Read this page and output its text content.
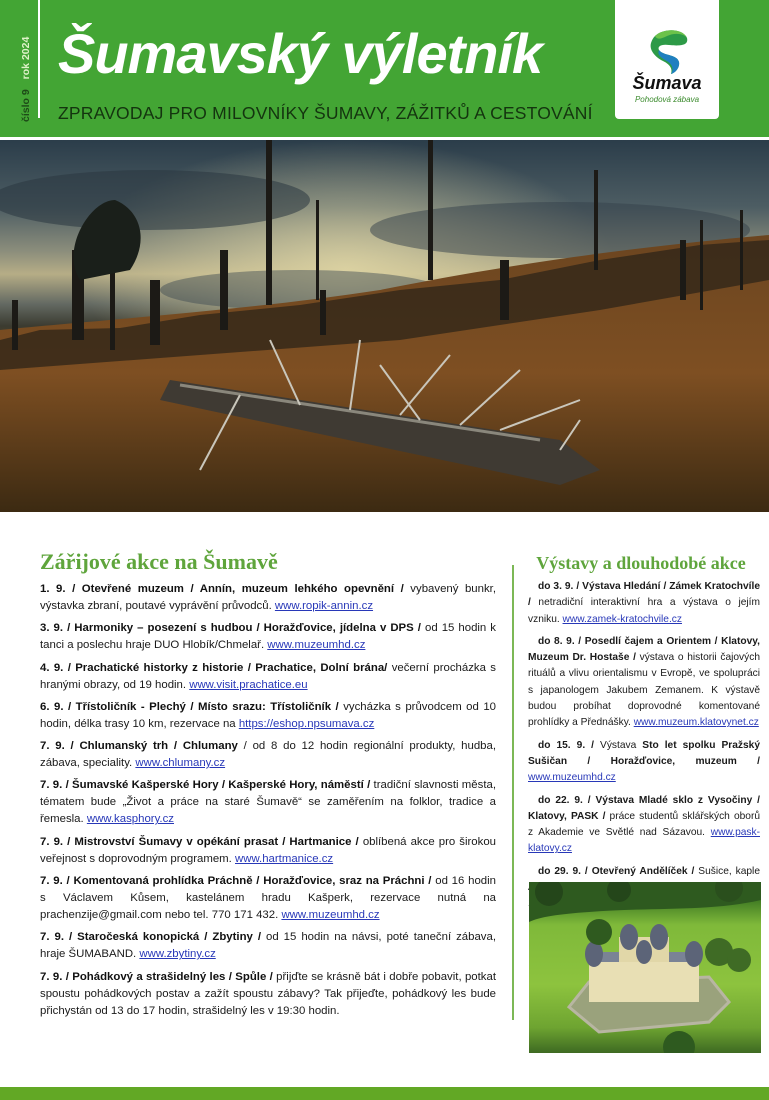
číslo 9
rok 2024 Šumavský výletník
ZPRAVODAJ PRO MILOVNÍKY ŠUMAVY, ZÁŽITKŮ A CESTOVÁNÍ
Šumava
Pohodová zábava
Zářijové akce na Šumavě

1. 9. / Otevřené muzeum / Annín, muzeum lehkého opevnění / vybavený bunkr, výstavka zbraní, poutavé vyprávění průvodců. www.ropik-annin.cz

3. 9. / Harmoniky – posezení s hudbou / Horažďovice, jídelna v DPS / od 15 hodin k tanci a poslechu hraje DUO Hlobík/Chmelař. www.muzeumhd.cz

4. 9. / Prachatické historky z historie / Prachatice, Dolní brána/ večerní procházka s hranými obrazy, od 19 hodin. www.visit.prachatice.eu

6. 9. / Třístoličník - Plechý / Místo srazu: Třístoličník / vycházka s průvodcem od 10 hodin, délka trasy 10 km, rezervace na https://eshop.npsumava.cz

7. 9. / Chlumanský trh / Chlumany / od 8 do 12 hodin regionální produkty, hudba, zábava, speciality. www.chlumany.cz

7. 9. / Šumavské Kašperské Hory / Kašperské Hory, náměstí / tradiční slavnosti města, tématem bude „Život a práce na staré Šumavě“ se zaměřením na folklor, tradice a řemesla. www.kasphory.cz

7. 9. / Mistrovství Šumavy v opékání prasat / Hartmanice / oblíbená akce pro širokou veřejnost s doprovodným programem. www.hartmanice.cz

7. 9. / Komentovaná prohlídka Práchně / Horažďovice, sraz na Práchni / od 16 hodin s Václavem Kůsem, kastelánem hradu Kašperk, rezervace nutná na prachenzije@gmail.com nebo tel. 770 171 432. www.muzeumhd.cz

7. 9. / Staročeská konopická / Zbytiny / od 15 hodin na návsi, poté taneční zábava, hraje ŠUMABAND. www.zbytiny.cz

7. 9. / Pohádkový a strašidelný les / Spůle / přijďte se krásně bát i dobře pobavit, potkat spoustu pohádkových postav a zažít spoustu zábavy? Tak přijeďte, pohádkový les bude přichystán od 13 do 17 hodin, strašidelný les v 19:30 hodin.

Výstavy a dlouhodobé akce

do 3. 9. / Výstava Hledání / Zámek Kratochvíle / netradiční interaktivní hra a výstava o jejím vzniku. www.zamek-kratochvile.cz

do 8. 9. / Posedlí čajem a Orientem / Klatovy, Muzeum Dr. Hostaše / výstava o historii čajových rituálů a vlivu orientalismu v Evropě, ve spolupráci s japanologem Jakubem Zemanem. K výstavě budou probíhat doprovodné komentované prohlídky a Přednášky. www.muzeum.klatovynet.cz

do 15. 9. / Výstava Sto let spolku Pražský Sušičan / Horažďovice, muzeum / www.muzeumhd.cz

do 22. 9. / Výstava Mladé sklo z Vysočiny / Klatovy, PASK / práce studentů sklářských oborů z Akademie ve Světlé nad Sázavou. www.pask-klatovy.cz

do 29. 9. / Otevřený Andělíček / Sušice, kaple
